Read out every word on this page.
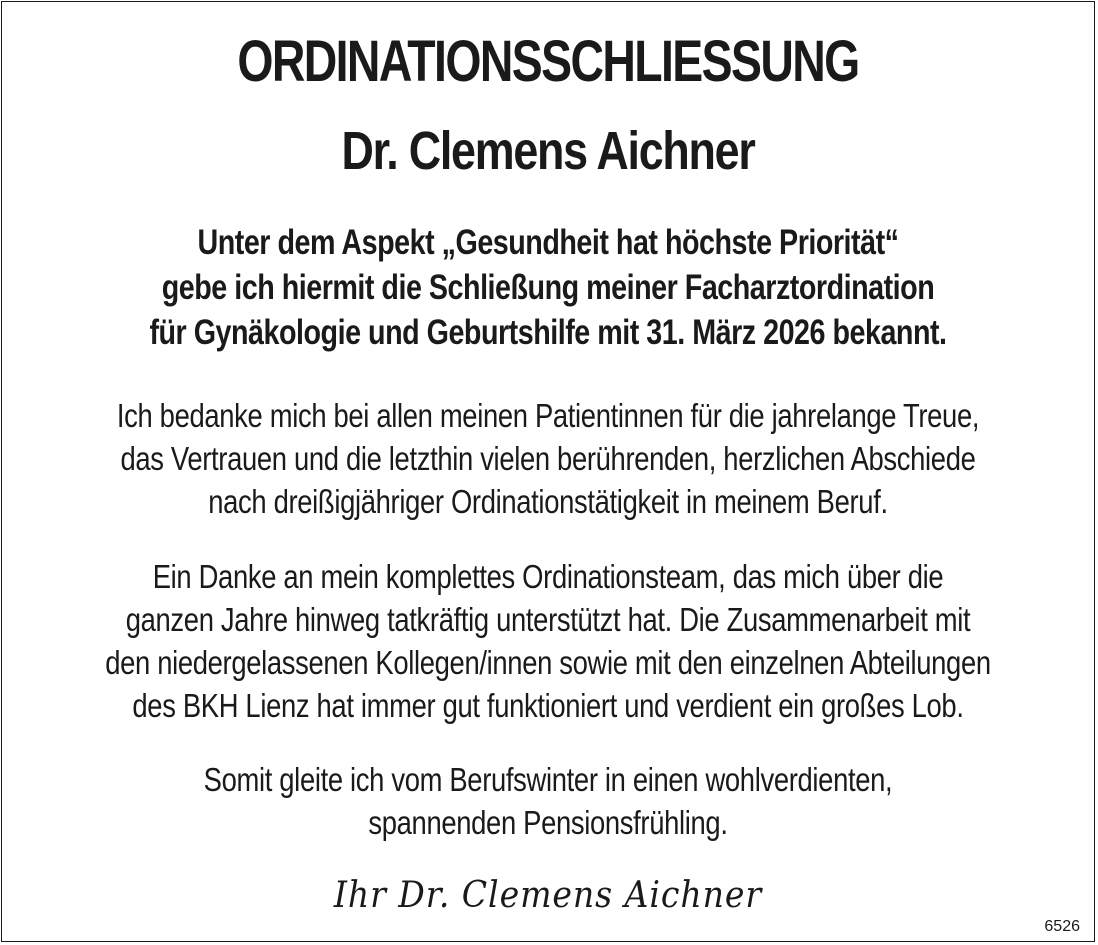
ORDINATIONSSCHLIESSUNG
Dr. Clemens Aichner

Unter dem Aspekt „Gesundheit hat höchste Priorität“
gebe ich hiermit die Schließung meiner Facharztordination
für Gynäkologie und Geburtshilfe mit 31. März 2026 bekannt.

Ich bedanke mich bei allen meinen Patientinnen für die jahrelange Treue,
das Vertrauen und die letzthin vielen berührenden, herzlichen Abschiede
nach dreißigjähriger Ordinationstätigkeit in meinem Beruf.

Ein Danke an mein komplettes Ordinationsteam, das mich über die
ganzen Jahre hinweg tatkräftig unterstützt hat. Die Zusammenarbeit mit
den niedergelassenen Kollegen/innen sowie mit den einzelnen Abteilungen
des BKH Lienz hat immer gut funktioniert und verdient ein großes Lob.

Somit gleite ich vom Berufswinter in einen wohlverdienten,
spannenden Pensionsfrühling.

Ihr Dr. Clemens Aichner

6526
